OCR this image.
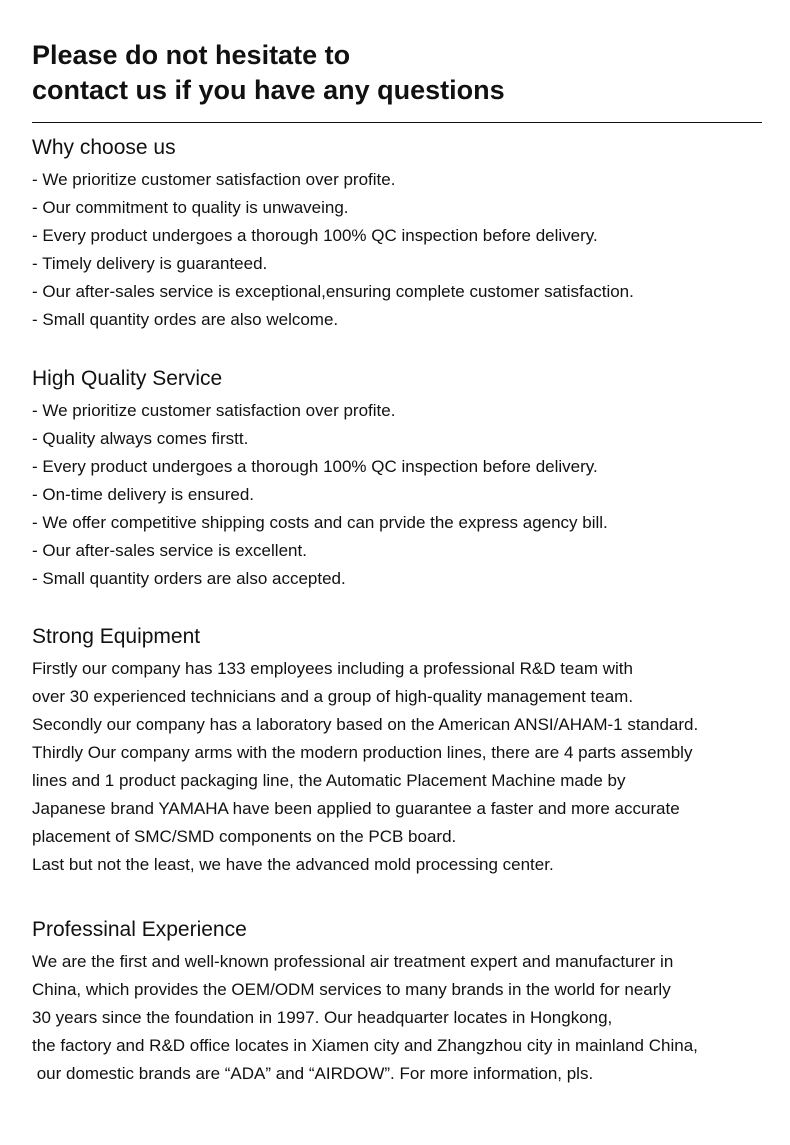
Please do not hesitate to
contact us if you have any questions
Why choose us
- We prioritize customer satisfaction over profite.
- Our commitment to quality is unwaveing.
- Every product undergoes a thorough 100% QC inspection before delivery.
- Timely delivery is guaranteed.
- Our after-sales service is exceptional,ensuring complete customer satisfaction.
- Small quantity ordes are also welcome.
High Quality Service
- We prioritize customer satisfaction over profite.
- Quality always comes firstt.
- Every product undergoes a thorough 100% QC inspection before delivery.
- On-time delivery is ensured.
- We offer competitive shipping costs and can prvide the express agency bill.
- Our after-sales service is excellent.
- Small quantity orders are also accepted.
Strong Equipment
Firstly our company has 133 employees including a professional R&D team with
over 30 experienced technicians and a group of high-quality management team.
Secondly our company has a laboratory based on the American ANSI/AHAM-1 standard.
Thirdly Our company arms with the modern production lines, there are 4 parts assembly
lines and 1 product packaging line, the Automatic Placement Machine made by
Japanese brand YAMAHA have been applied to guarantee a faster and more accurate
placement of SMC/SMD components on the PCB board.
Last but not the least, we have the advanced mold processing center.
Professinal Experience
We are the first and well-known professional air treatment expert and manufacturer in
China, which provides the OEM/ODM services to many brands in the world for nearly
30 years since the foundation in 1997. Our headquarter locates in Hongkong,
the factory and R&D office locates in Xiamen city and Zhangzhou city in mainland China,
our domestic brands are “ADA” and “AIRDOW”. For more information, pls.
